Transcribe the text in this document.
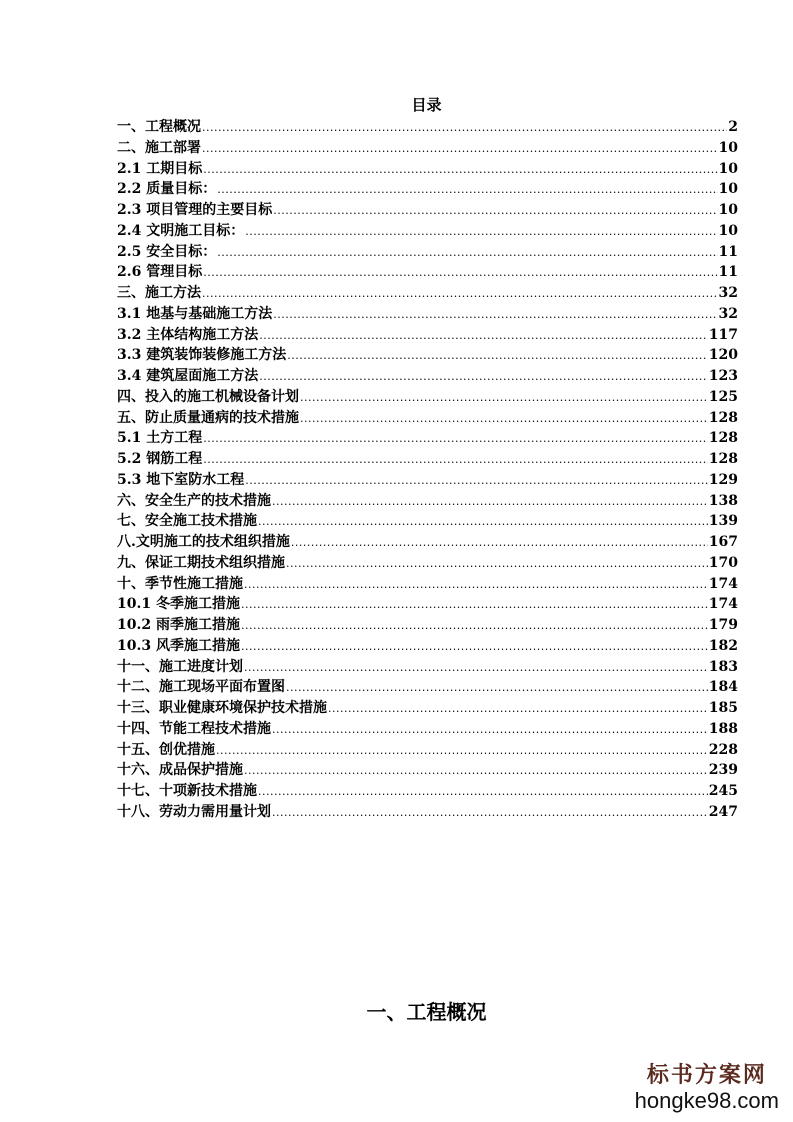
目录
一、工程概况 .....	2
二、施工部署 .....	10
2.1 工期目标 .....	10
2.2 质量目标： .....	10
2.3 项目管理的主要目标 .....	10
2.4 文明施工目标： .....	10
2.5 安全目标： .....	11
2.6 管理目标 .....	11
三、施工方法 .....	32
3.1 地基与基础施工方法 .....	32
3.2 主体结构施工方法 .....	117
3.3 建筑装饰装修施工方法 .....	120
3.4 建筑屋面施工方法 .....	123
四、投入的施工机械设备计划 .....	125
五、防止质量通病的技术措施 .....	128
5.1 土方工程 .....	128
5.2 钢筋工程 .....	128
5.3 地下室防水工程 .....	129
六、安全生产的技术措施 .....	138
七、安全施工技术措施 .....	139
八.文明施工的技术组织措施 .....	167
九、保证工期技术组织措施 .....	170
十、季节性施工措施 .....	174
10.1 冬季施工措施 .....	174
10.2 雨季施工措施 .....	179
10.3 风季施工措施 .....	182
十一、施工进度计划 .....	183
十二、施工现场平面布置图 .....	184
十三、职业健康环境保护技术措施 .....	185
十四、节能工程技术措施 .....	188
十五、创优措施 .....	228
十六、成品保护措施 .....	239
十七、十项新技术措施 .....	245
十八、劳动力需用量计划 .....	247
一、工程概况
标书方案网
hongke98.com
